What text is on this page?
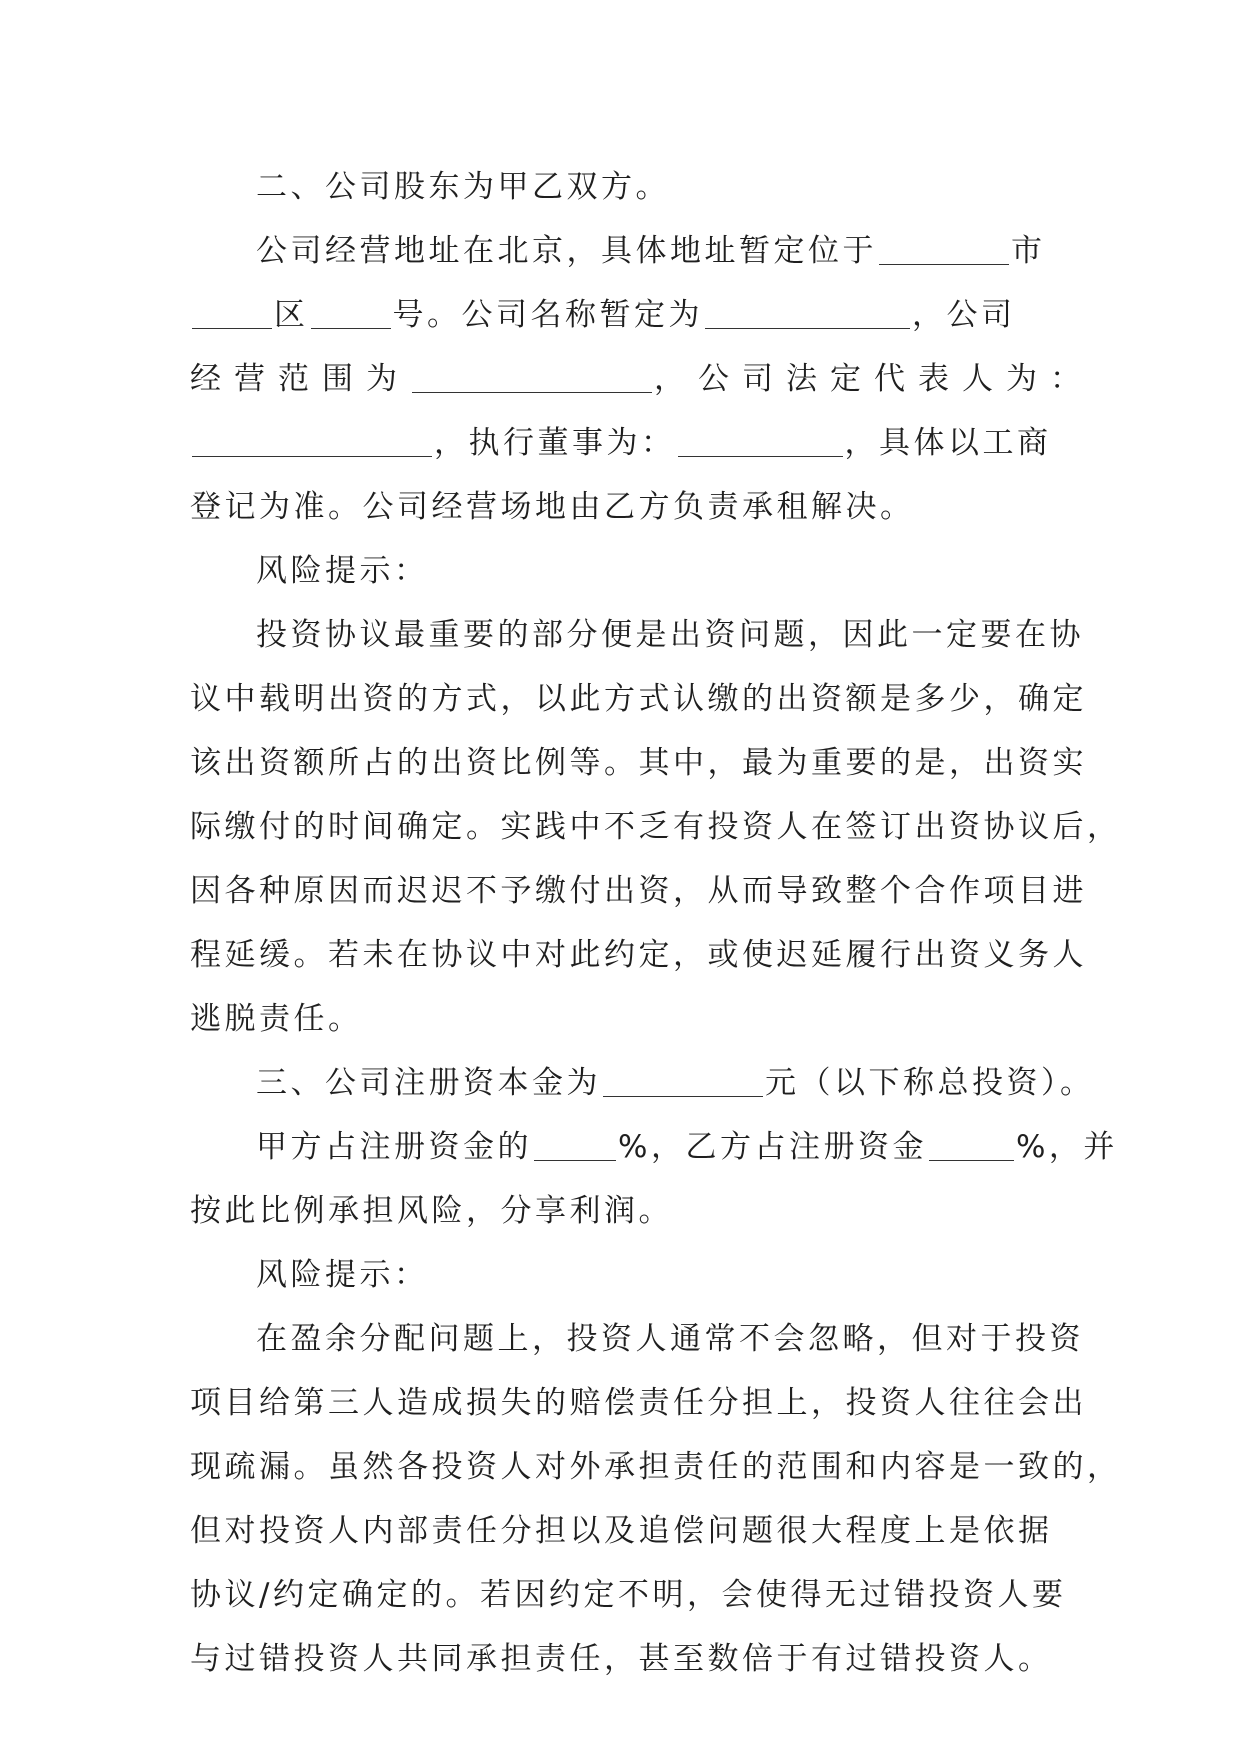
二、公司股东为甲乙双方。
公司经营地址在北京，具体地址暂定位于	市
区	号。公司名称暂定为	，公司
经营范围为	，公司法定代表人为：
，执行董事为：	，具体以工商
登记为准。公司经营场地由乙方负责承租解决。
风险提示：
投资协议最重要的部分便是出资问题，因此一定要在协
议中载明出资的方式，以此方式认缴的出资额是多少，确定
该出资额所占的出资比例等。其中，最为重要的是，出资实
际缴付的时间确定。实践中不乏有投资人在签订出资协议后，
因各种原因而迟迟不予缴付出资，从而导致整个合作项目进
程延缓。若未在协议中对此约定，或使迟延履行出资义务人
逃脱责任。
三、公司注册资本金为	元（以下称总投资）。
甲方占注册资金的	%，乙方占注册资金	%，并
按此比例承担风险，分享利润。
风险提示：
在盈余分配问题上，投资人通常不会忽略，但对于投资
项目给第三人造成损失的赔偿责任分担上，投资人往往会出
现疏漏。虽然各投资人对外承担责任的范围和内容是一致的，
但对投资人内部责任分担以及追偿问题很大程度上是依据
协议/约定确定的。若因约定不明，会使得无过错投资人要
与过错投资人共同承担责任，甚至数倍于有过错投资人。
